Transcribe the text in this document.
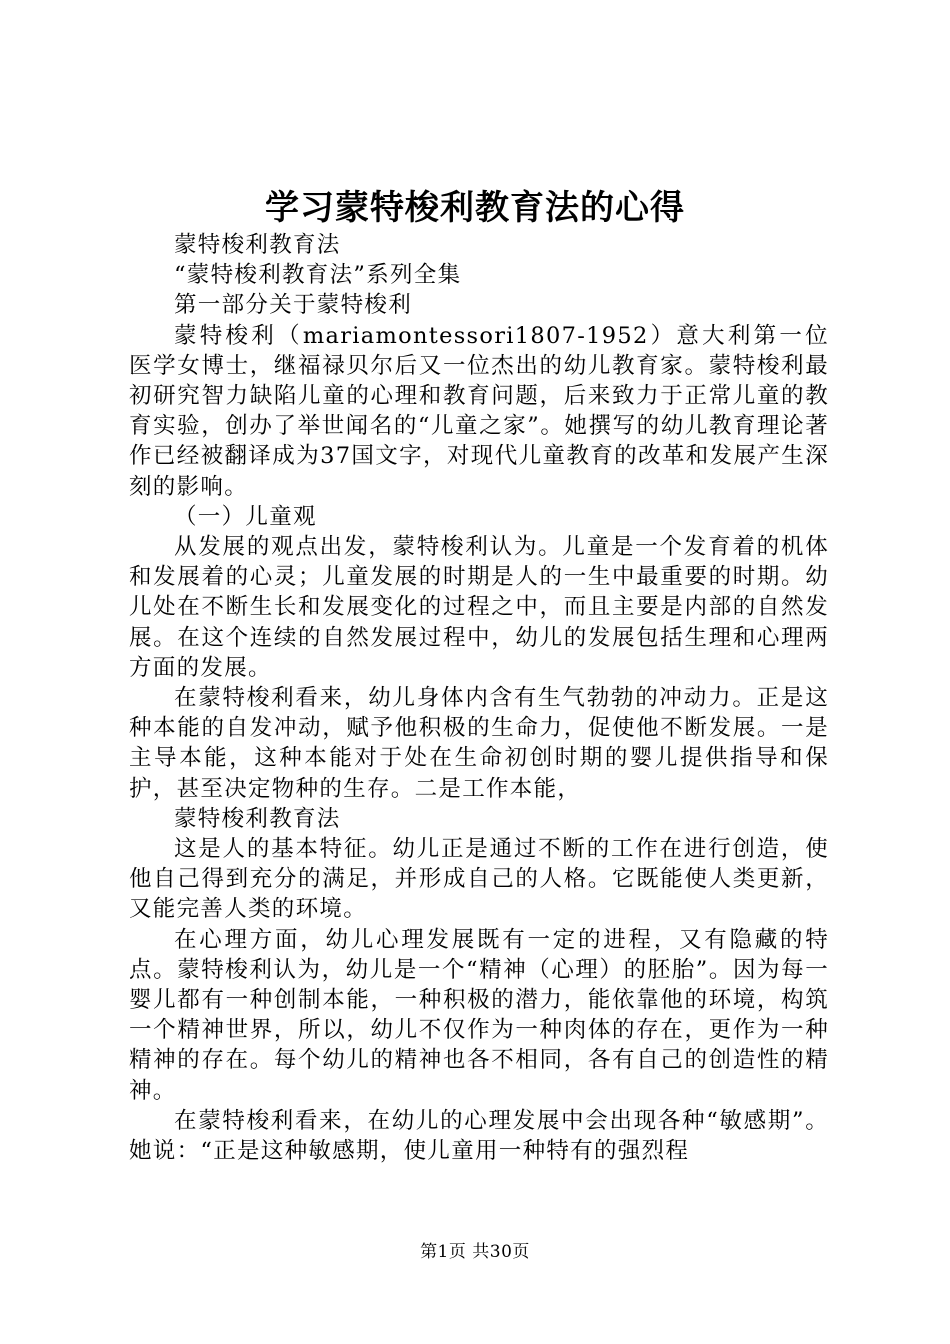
学习蒙特梭利教育法的心得

蒙特梭利教育法

“蒙特梭利教育法”系列全集

第一部分关于蒙特梭利

蒙特梭利（mariamontessori1807-1952）意大利第一位医学女博士，继福禄贝尔后又一位杰出的幼儿教育家。蒙特梭利最初研究智力缺陷儿童的心理和教育问题，后来致力于正常儿童的教育实验，创办了举世闻名的“儿童之家”。她撰写的幼儿教育理论著作已经被翻译成为37国文字，对现代儿童教育的改革和发展产生深刻的影响。

（一）儿童观

从发展的观点出发，蒙特梭利认为。儿童是一个发育着的机体和发展着的心灵；儿童发展的时期是人的一生中最重要的时期。幼儿处在不断生长和发展变化的过程之中，而且主要是内部的自然发展。在这个连续的自然发展过程中，幼儿的发展包括生理和心理两方面的发展。

在蒙特梭利看来，幼儿身体内含有生气勃勃的冲动力。正是这种本能的自发冲动，赋予他积极的生命力，促使他不断发展。一是主导本能，这种本能对于处在生命初创时期的婴儿提供指导和保护，甚至决定物种的生存。二是工作本能，

蒙特梭利教育法

这是人的基本特征。幼儿正是通过不断的工作在进行创造，使他自己得到充分的满足，并形成自己的人格。它既能使人类更新，又能完善人类的环境。

在心理方面，幼儿心理发展既有一定的进程，又有隐藏的特点。蒙特梭利认为，幼儿是一个“精神（心理）的胚胎”。因为每一婴儿都有一种创制本能，一种积极的潜力，能依靠他的环境，构筑一个精神世界，所以，幼儿不仅作为一种肉体的存在，更作为一种精神的存在。每个幼儿的精神也各不相同，各有自己的创造性的精神。

在蒙特梭利看来，在幼儿的心理发展中会出现各种“敏感期”。她说：“正是这种敏感期，使儿童用一种特有的强烈程

第1页 共30页
